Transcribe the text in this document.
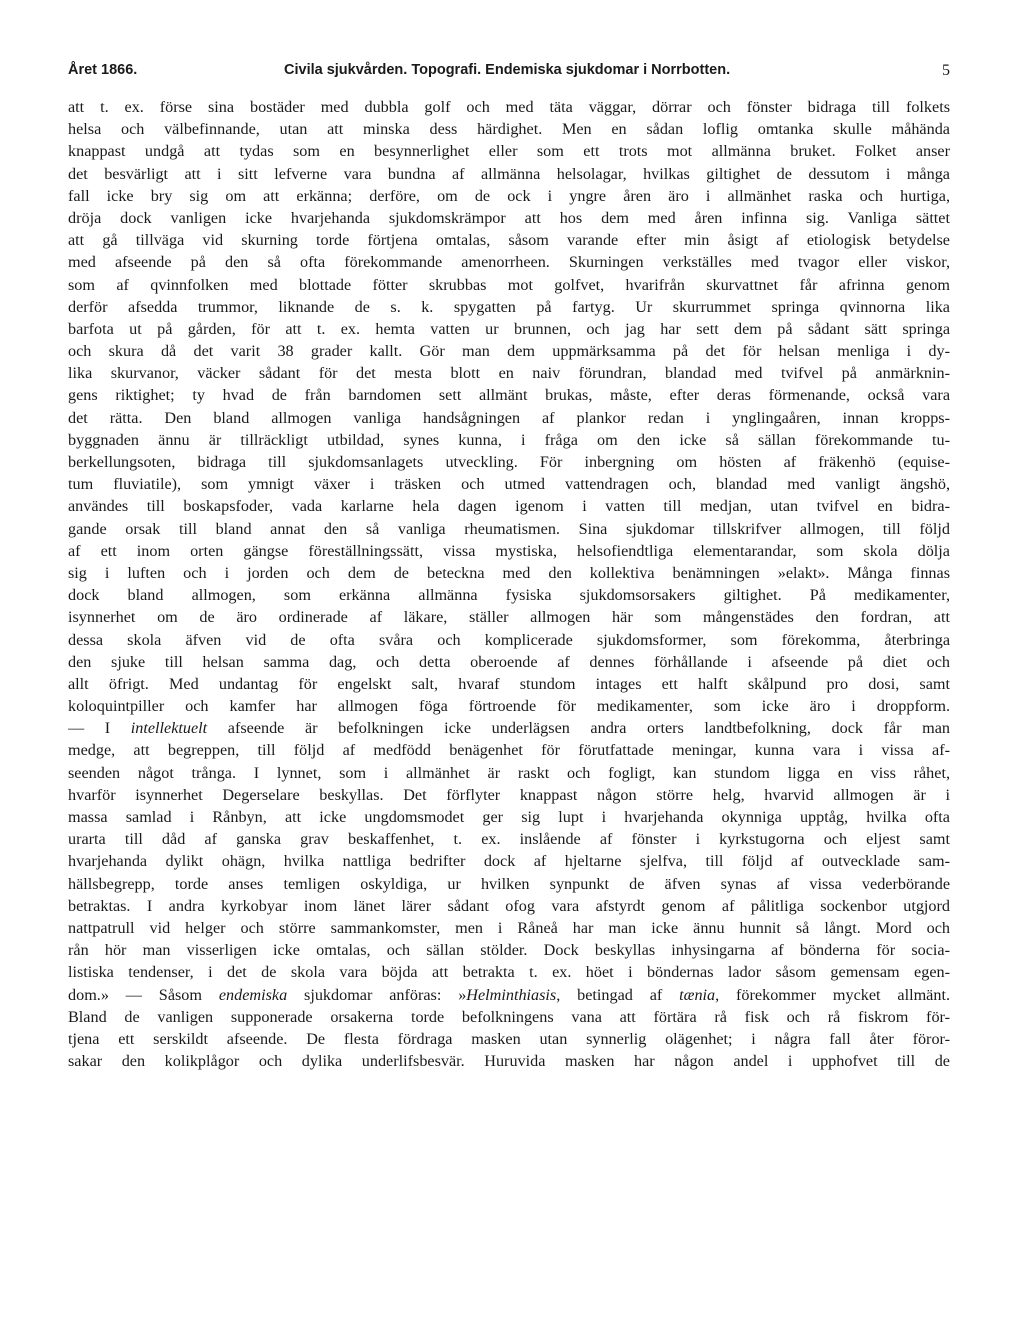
Året 1866.	Civila sjukvården. Topografi. Endemiska sjukdomar i Norrbotten.	5
att t. ex. förse sina bostäder med dubbla golf och med täta väggar, dörrar och fönster bidraga till folkets
helsa och välbefinnande, utan att minska dess härdighet. Men en sådan loflig omtanka skulle måhända
knappast undgå att tydas som en besynnerlighet eller som ett trots mot allmänna bruket. Folket anser
det besvärligt att i sitt lefverne vara bundna af allmänna helsolagar, hvilkas giltighet de dessutom i många
fall icke bry sig om att erkänna; derföre, om de ock i yngre åren äro i allmänhet raska och hurtiga,
dröja dock vanligen icke hvarjehanda sjukdomskrämpor att hos dem med åren infinna sig. Vanliga sättet
att gå tillväga vid skurning torde förtjena omtalas, såsom varande efter min åsigt af etiologisk betydelse
med afseende på den så ofta förekommande amenorrheen. Skurningen verkställes med tvagor eller viskor,
som af qvinnfolken med blottade fötter skrubbas mot golfvet, hvarifrån skurvattnet får afrinna genom
derför afsedda trummor, liknande de s. k. spygatten på fartyg. Ur skurrummet springa qvinnorna lika
barfota ut på gården, för att t. ex. hemta vatten ur brunnen, och jag har sett dem på sådant sätt springa
och skura då det varit 38 grader kallt. Gör man dem uppmärksamma på det för helsan menliga i dy-
lika skurvanor, väcker sådant för det mesta blott en naiv förundran, blandad med tvifvel på anmärknin-
gens riktighet; ty hvad de från barndomen sett allmänt brukas, måste, efter deras förmenande, också vara
det rätta. Den bland allmogen vanliga handsågningen af plankor redan i ynglingaåren, innan kropps-
byggnaden ännu är tillräckligt utbildad, synes kunna, i fråga om den icke så sällan förekommande tu-
berkellungsoten, bidraga till sjukdomsanlagets utveckling. För inbergning om hösten af fräkenhö (equise-
tum fluviatile), som ymnigt växer i träsken och utmed vattendragen och, blandad med vanligt ängshö,
användes till boskapsfoder, vada karlarne hela dagen igenom i vatten till medjan, utan tvifvel en bidra-
gande orsak till bland annat den så vanliga rheumatismen. Sina sjukdomar tillskrifver allmogen, till följd
af ett inom orten gängse föreställningssätt, vissa mystiska, helsofiendtliga elementarandar, som skola dölja
sig i luften och i jorden och dem de beteckna med den kollektiva benämningen »elakt». Många finnas
dock bland allmogen, som erkänna allmänna fysiska sjukdomsorsakers giltighet. På medikamenter,
isynnerhet om de äro ordinerade af läkare, ställer allmogen här som mångenstädes den fordran, att
dessa skola äfven vid de ofta svåra och komplicerade sjukdomsformer, som förekomma, återbringa
den sjuke till helsan samma dag, och detta oberoende af dennes förhållande i afseende på diet och
allt öfrigt. Med undantag för engelskt salt, hvaraf stundom intages ett halft skålpund pro dosi, samt
koloquintpiller och kamfer har allmogen föga förtroende för medikamenter, som icke äro i droppform.
— I intellektuelt afseende är befolkningen icke underlägsen andra orters landtbefolkning, dock får man
medge, att begreppen, till följd af medfödd benägenhet för förutfattade meningar, kunna vara i vissa af-
seenden något trånga. I lynnet, som i allmänhet är raskt och fogligt, kan stundom ligga en viss råhet,
hvarför isynnerhet Degerselare beskyllas. Det förflyter knappast någon större helg, hvarvid allmogen är i
massa samlad i Rånbyn, att icke ungdomsmodet ger sig lupt i hvarjehanda okynniga upptåg, hvilka ofta
urarta till dåd af ganska grav beskaffenhet, t. ex. inslående af fönster i kyrkstugorna och eljest samt
hvarjehanda dylikt ohägn, hvilka nattliga bedrifter dock af hjeltarne sjelfva, till följd af outvecklade sam-
hällsbegrepp, torde anses temligen oskyldiga, ur hvilken synpunkt de äfven synas af vissa vederbörande
betraktas. I andra kyrkobyar inom länet lärer sådant ofog vara afstyrdt genom af pålitliga sockenbor utgjord
nattpatrull vid helger och större sammankomster, men i Råneå har man icke ännu hunnit så långt. Mord och
rån hör man visserligen icke omtalas, och sällan stölder. Dock beskyllas inhysingarna af bönderna för socia-
listiska tendenser, i det de skola vara böjda att betrakta t. ex. höet i böndernas lador såsom gemensam egen-
dom.» — Såsom endemiska sjukdomar anföras: »Helminthiasis, betingad af tænia, förekommer mycket allmänt.
Bland de vanligen supponerade orsakerna torde befolkningens vana att förtära rå fisk och rå fiskrom för-
tjena ett serskildt afseende. De flesta fördraga masken utan synnerlig olägenhet; i några fall åter föror-
sakar den kolikplågor och dylika underlifsbesvär. Huruvida masken har någon andel i upphofvet till de
